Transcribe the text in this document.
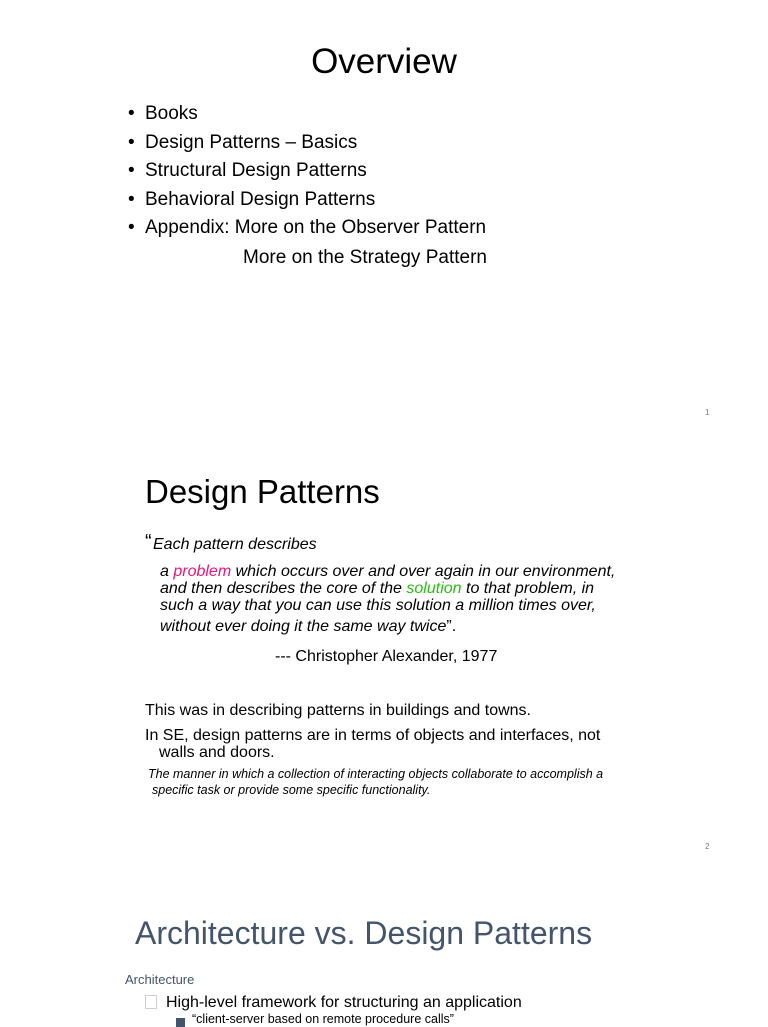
Overview
• Books
• Design Patterns – Basics
• Structural Design Patterns
• Behavioral Design Patterns
• Appendix: More on the Observer Pattern
More on the Strategy Pattern
1
Design Patterns
“ Each pattern describes
a problem which occurs over and over again in our environment, and then describes the core of the solution to that problem, in such a way that you can use this solution a million times over,
without ever doing it the same way twice”.
--- Christopher Alexander, 1977
This was in describing patterns in buildings and towns.
In SE, design patterns are in terms of objects and interfaces, not walls and doors.
The manner in which a collection of interacting objects collaborate to accomplish a specific task or provide some specific functionality.
2
Architecture vs. Design Patterns
Architecture
High-level framework for structuring an application
“client-server based on remote procedure calls”
